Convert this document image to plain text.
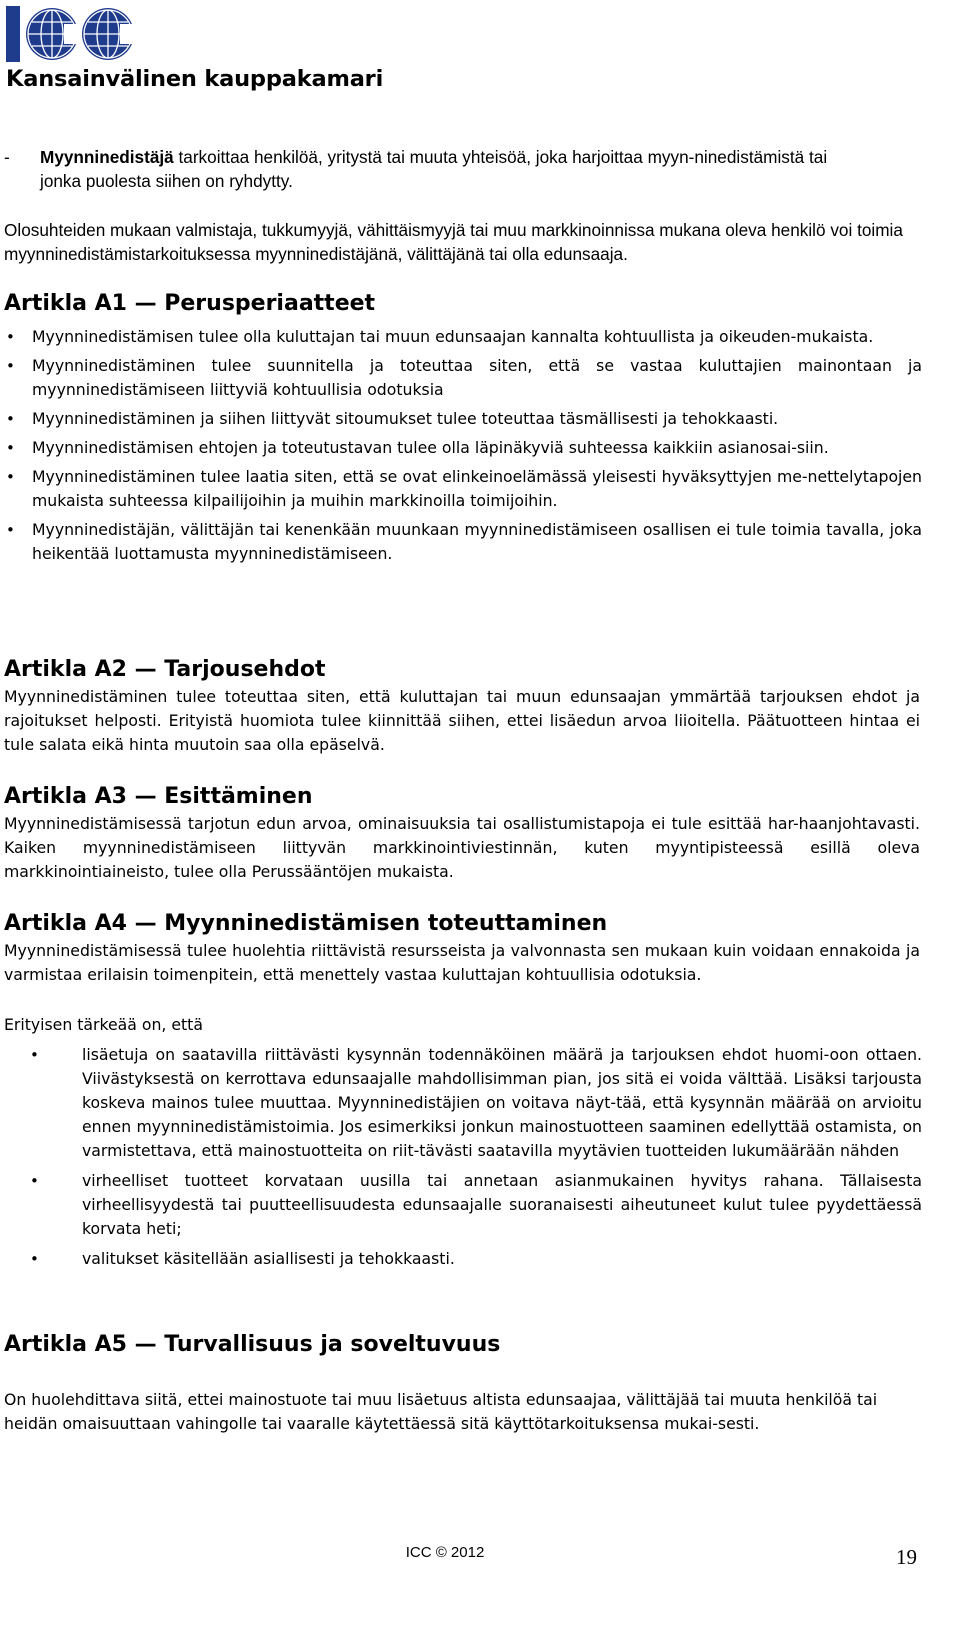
Kansainvälinen kauppakamari
-	Myynninedistäjä tarkoittaa henkilöä, yritystä tai muuta yhteisöä, joka harjoittaa myyn-ninedistämistä tai jonka puolesta siihen on ryhdytty.
Olosuhteiden mukaan valmistaja, tukkumyyjä, vähittäismyyjä tai muu markkinoinnissa mukana oleva henkilö voi toimia myynninedistämistarkoituksessa myynninedistäjänä, välittäjänä tai olla edunsaaja.
Artikla A1 — Perusperiaatteet
• Myynninedistämisen tulee olla kuluttajan tai muun edunsaajan kannalta kohtuullista ja oikeuden-mukaista.
• Myynninedistäminen tulee suunnitella ja toteuttaa siten, että se vastaa kuluttajien mainontaan ja myynninedistämiseen liittyviä kohtuullisia odotuksia
• Myynninedistäminen ja siihen liittyvät sitoumukset tulee toteuttaa täsmällisesti ja tehokkaasti.
• Myynninedistämisen ehtojen ja toteutustavan tulee olla läpinäkyviä suhteessa kaikkiin asianosai-siin.
• Myynninedistäminen tulee laatia siten, että se ovat elinkeinoelämässä yleisesti hyväksyttyjen me-nettelytapojen mukaista suhteessa kilpailijoihin ja muihin markkinoilla toimijoihin.
• Myynninedistäjän, välittäjän tai kenenkään muunkaan myynninedistämiseen osallisen ei tule toimia tavalla, joka heikentää luottamusta myynninedistämiseen.
Artikla A2 — Tarjousehdot
Myynninedistäminen tulee toteuttaa siten, että kuluttajan tai muun edunsaajan ymmärtää tarjouksen ehdot ja rajoitukset helposti. Erityistä huomiota tulee kiinnittää siihen, ettei lisäedun arvoa liioitella. Päätuotteen hintaa ei tule salata eikä hinta muutoin saa olla epäselvä.
Artikla A3 — Esittäminen
Myynninedistämisessä tarjotun edun arvoa, ominaisuuksia tai osallistumistapoja ei tule esittää har-haanjohtavasti. Kaiken myynninedistämiseen liittyvän markkinointiviestinnän, kuten myyntipisteessä esillä oleva markkinointiaineisto, tulee olla Perussääntöjen mukaista.
Artikla A4 — Myynninedistämisen toteuttaminen
Myynninedistämisessä tulee huolehtia riittävistä resursseista ja valvonnasta sen mukaan kuin voidaan ennakoida ja varmistaa erilaisin toimenpitein, että menettely vastaa kuluttajan kohtuullisia odotuksia.
Erityisen tärkeää on, että
• lisäetuja on saatavilla riittävästi kysynnän todennäköinen määrä ja tarjouksen ehdot huomi-oon ottaen. Viivästyksestä on kerrottava edunsaajalle mahdollisimman pian, jos sitä ei voida välttää. Lisäksi tarjousta koskeva mainos tulee muuttaa. Myynninedistäjien on voitava näyt-tää, että kysynnän määrää on arvioitu ennen myynninedistämistoimia. Jos esimerkiksi jonkun mainostuotteen saaminen edellyttää ostamista, on varmistettava, että mainostuotteita on riit-tävästi saatavilla myytävien tuotteiden lukumäärään nähden
• virheelliset tuotteet korvataan uusilla tai annetaan asianmukainen hyvitys rahana. Tällaisesta virheellisyydestä tai puutteellisuudesta edunsaajalle suoranaisesti aiheutuneet kulut tulee pyydettäessä korvata heti;
• valitukset käsitellään asiallisesti ja tehokkaasti.
Artikla A5 — Turvallisuus ja soveltuvuus
On huolehdittava siitä, ettei mainostuote tai muu lisäetuus altista edunsaajaa, välittäjää tai muuta henkilöä tai heidän omaisuuttaan vahingolle tai vaaralle käytettäessä sitä käyttötarkoituksensa mukai-sesti.
ICC © 2012	19
